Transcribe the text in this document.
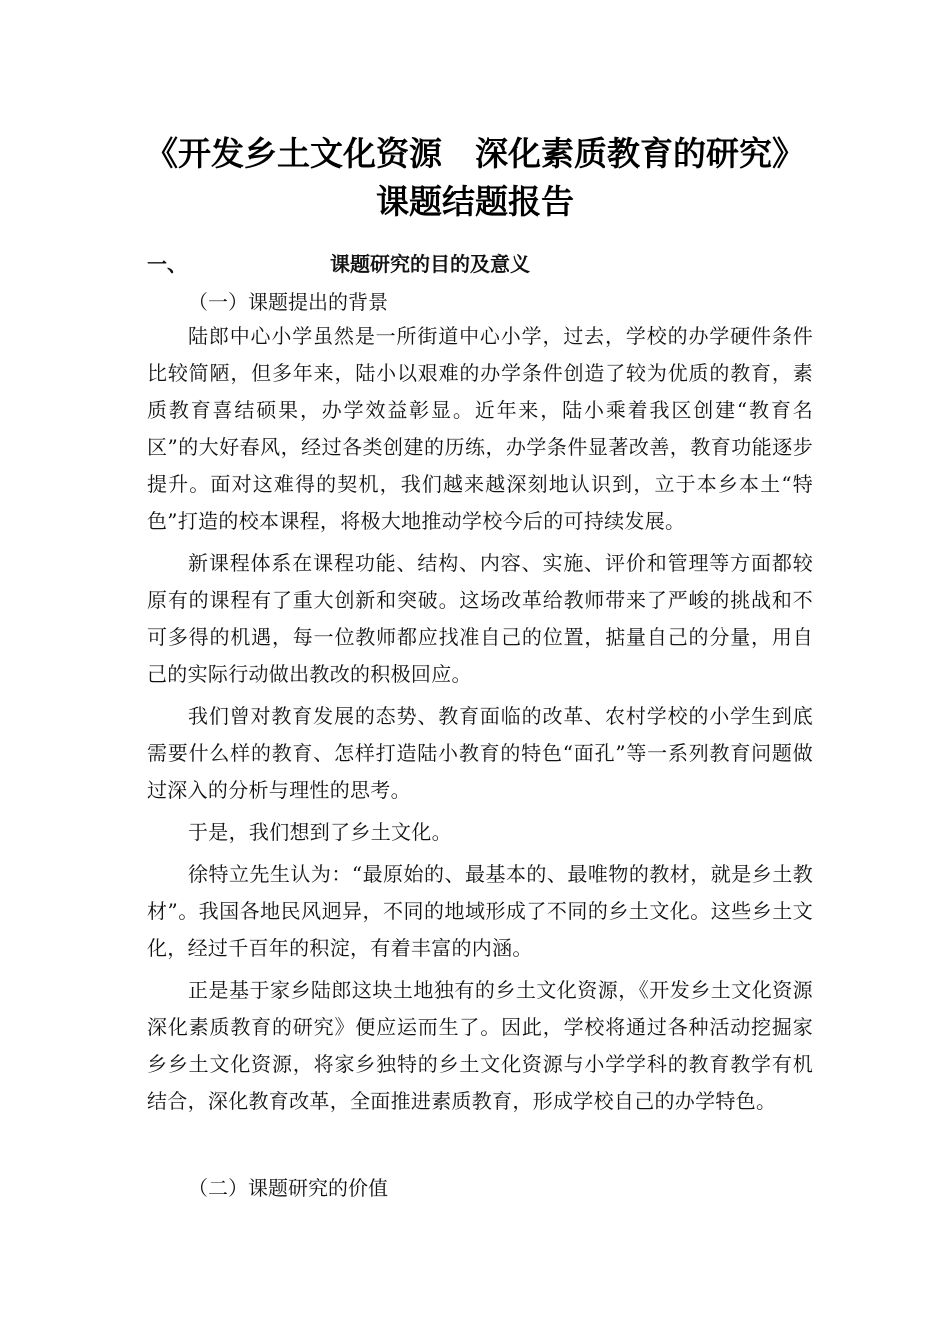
《开发乡土文化资源　深化素质教育的研究》
课题结题报告
一、	课题研究的目的及意义
（一）课题提出的背景

陆郎中心小学虽然是一所街道中心小学，过去，学校的办学硬件条件比较简陋，但多年来，陆小以艰难的办学条件创造了较为优质的教育，素质教育喜结硕果，办学效益彰显。近年来，陆小乘着我区创建“教育名区”的大好春风，经过各类创建的历练，办学条件显著改善，教育功能逐步提升。面对这难得的契机，我们越来越深刻地认识到，立于本乡本土“特色”打造的校本课程，将极大地推动学校今后的可持续发展。

新课程体系在课程功能、结构、内容、实施、评价和管理等方面都较原有的课程有了重大创新和突破。这场改革给教师带来了严峻的挑战和不可多得的机遇，每一位教师都应找准自己的位置，掂量自己的分量，用自己的实际行动做出教改的积极回应。

我们曾对教育发展的态势、教育面临的改革、农村学校的小学生到底需要什么样的教育、怎样打造陆小教育的特色“面孔”等一系列教育问题做过深入的分析与理性的思考。

于是，我们想到了乡土文化。

徐特立先生认为：“最原始的、最基本的、最唯物的教材，就是乡土教材”。我国各地民风迥异，不同的地域形成了不同的乡土文化。这些乡土文化，经过千百年的积淀，有着丰富的内涵。

正是基于家乡陆郎这块土地独有的乡土文化资源，《开发乡土文化资源 深化素质教育的研究》便应运而生了。因此，学校将通过各种活动挖掘家乡乡土文化资源，将家乡独特的乡土文化资源与小学学科的教育教学有机结合，深化教育改革，全面推进素质教育，形成学校自己的办学特色。

（二）课题研究的价值
